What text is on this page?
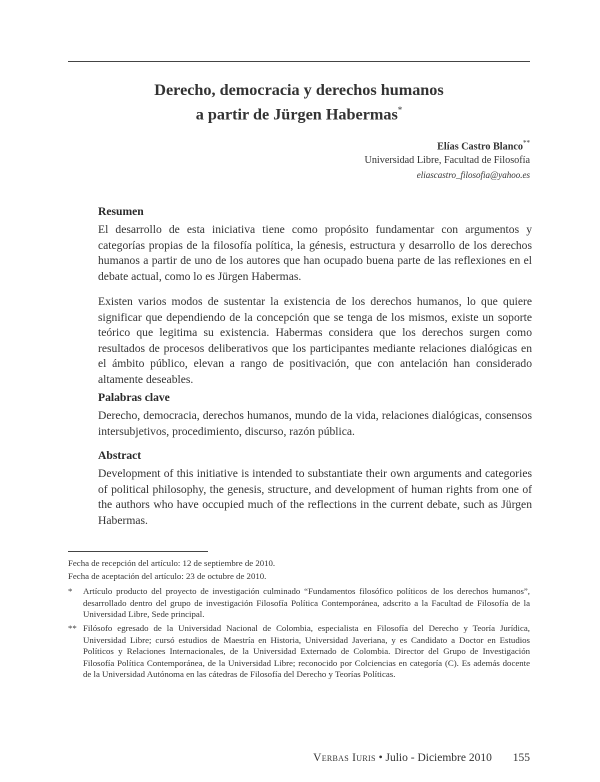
Derecho, democracia y derechos humanos
a partir de Jürgen Habermas*
Elías Castro Blanco**
Universidad Libre, Facultad de Filosofía
eliascastro_filosofia@yahoo.es
Resumen

El desarrollo de esta iniciativa tiene como propósito fundamentar con argumentos y categorías propias de la filosofía política, la génesis, estructura y desarrollo de los derechos humanos a partir de uno de los autores que han ocupado buena parte de las reflexiones en el debate actual, como lo es Jürgen Habermas.

Existen varios modos de sustentar la existencia de los derechos humanos, lo que quiere significar que dependiendo de la concepción que se tenga de los mismos, existe un soporte teórico que legitima su existencia. Habermas considera que los derechos surgen como resultados de procesos deliberativos que los participantes mediante relaciones dialógicas en el ámbito público, elevan a rango de positivación, que con antelación han considerado altamente deseables.

Palabras clave

Derecho, democracia, derechos humanos, mundo de la vida, relaciones dialógicas, consensos intersubjetivos, procedimiento, discurso, razón pública.

Abstract

Development of this initiative is intended to substantiate their own arguments and categories of political philosophy, the genesis, structure, and development of human rights from one of the authors who have occupied much of the reflections in the current debate, such as Jürgen Habermas.

Fecha de recepción del artículo: 12 de septiembre de 2010.
Fecha de aceptación del artículo: 23 de octubre de 2010.
* Artículo producto del proyecto de investigación culminado “Fundamentos filosófico políticos de los derechos humanos”, desarrollado dentro del grupo de investigación Filosofía Política Contemporánea, adscrito a la Facultad de Filosofía de la Universidad Libre, Sede principal.
** Filósofo egresado de la Universidad Nacional de Colombia, especialista en Filosofía del Derecho y Teoría Jurídica, Universidad Libre; cursó estudios de Maestría en Historia, Universidad Javeriana, y es Candidato a Doctor en Estudios Políticos y Relaciones Internacionales, de la Universidad Externado de Colombia. Director del Grupo de Investigación Filosofía Política Contemporánea, de la Universidad Libre; reconocido por Colciencias en categoría (C). Es además docente de la Universidad Autónoma en las cátedras de Filosofía del Derecho y Teorías Políticas.
Verbas Iuris • Julio - Diciembre 2010 155
